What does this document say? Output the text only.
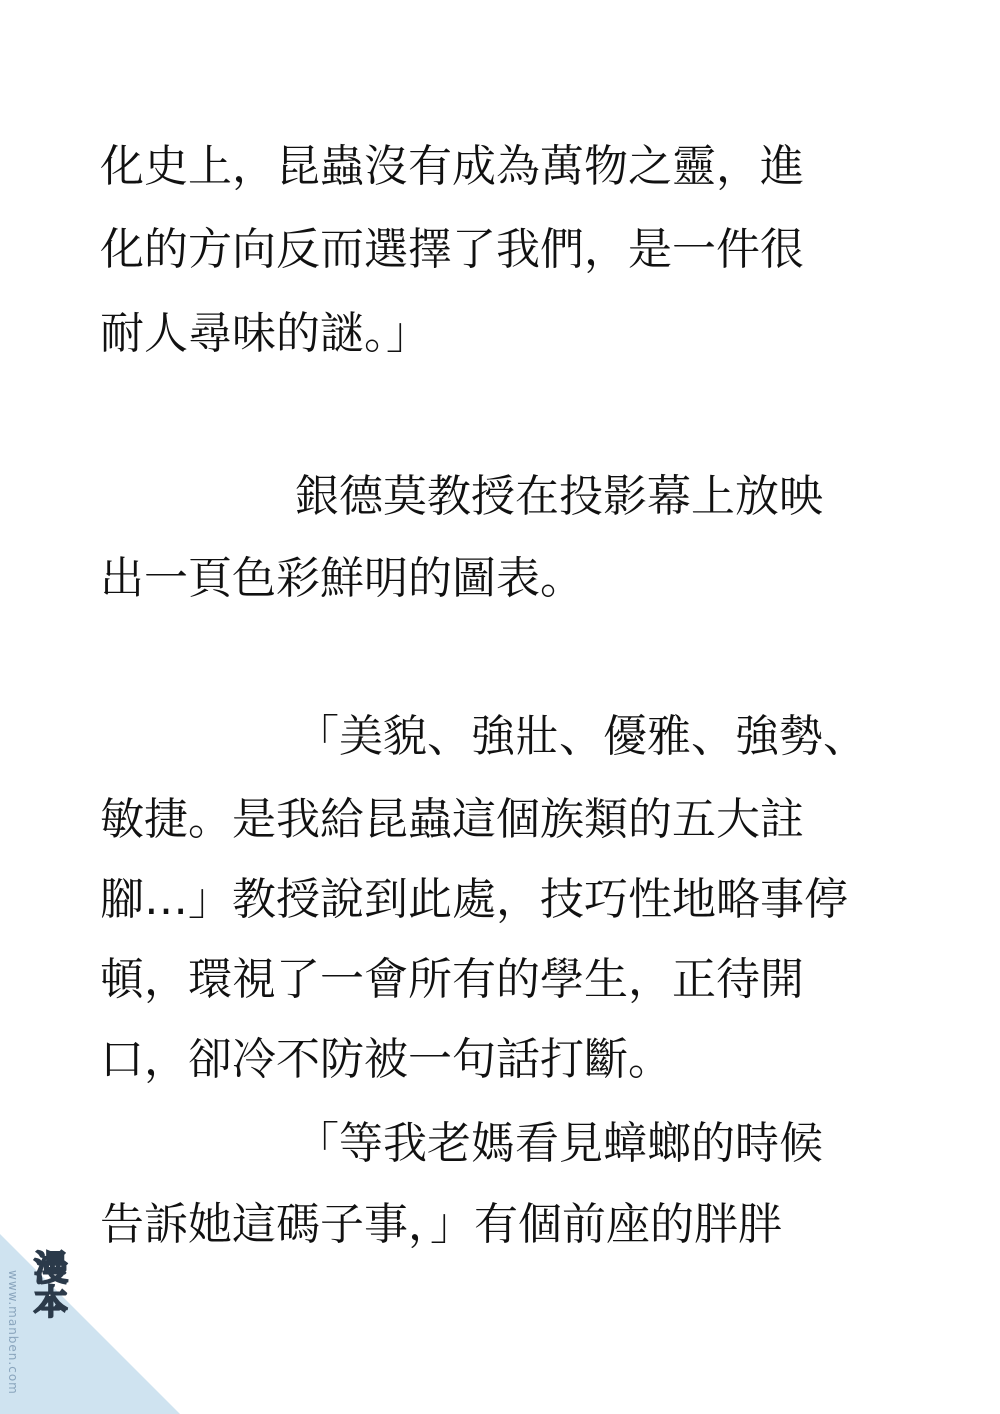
化史上，昆蟲沒有成為萬物之靈，進
化的方向反而選擇了我們，是一件很
耐人尋味的謎。」
銀德莫教授在投影幕上放映
出一頁色彩鮮明的圖表。
「美貌、強壯、優雅、強勢、
敏捷。是我給昆蟲這個族類的五大註
腳…」教授說到此處，技巧性地略事停
頓，環視了一會所有的學生，正待開
口，卻冷不防被一句話打斷。
「等我老媽看見蟑螂的時候
告訴她這碼子事，」有個前座的胖胖
www.manben.com 漫本
